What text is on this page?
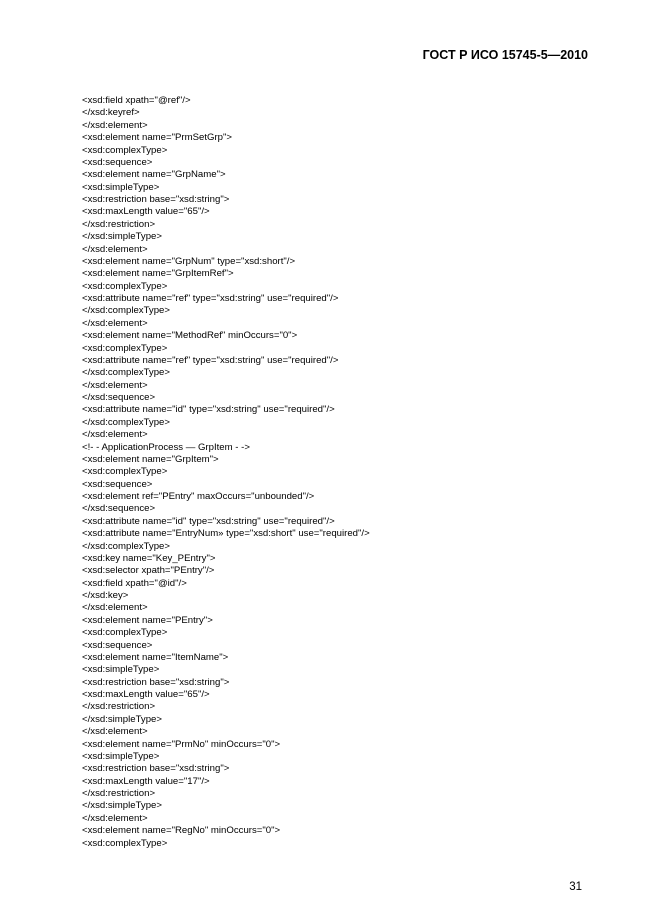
ГОСТ Р ИСО 15745-5—2010
<xsd:field xpath="@ref"/>
</xsd:keyref>
</xsd:element>
<xsd:element name="PrmSetGrp">
<xsd:complexType>
<xsd:sequence>
<xsd:element name="GrpName">
<xsd:simpleType>
<xsd:restriction base="xsd:string">
<xsd:maxLength value="65"/>
</xsd:restriction>
</xsd:simpleType>
</xsd:element>
<xsd:element name="GrpNum" type="xsd:short"/>
<xsd:element name="GrpItemRef">
<xsd:complexType>
<xsd:attribute name="ref" type="xsd:string" use="required"/>
</xsd:complexType>
</xsd:element>
<xsd:element name="MethodRef" minOccurs="0">
<xsd:complexType>
<xsd:attribute name="ref" type="xsd:string" use="required"/>
</xsd:complexType>
</xsd:element>
</xsd:sequence>
<xsd:attribute name="id" type="xsd:string" use="required"/>
</xsd:complexType>
</xsd:element>
<!- - ApplicationProcess — GrpItem - ->
<xsd:element name="GrpItem">
<xsd:complexType>
<xsd:sequence>
<xsd:element ref="PEntry" maxOccurs="unbounded"/>
</xsd:sequence>
<xsd:attribute name="id" type="xsd:string" use="required"/>
<xsd:attribute name="EntryNum» type="xsd:short" use="required"/>
</xsd:complexType>
<xsd:key name="Key_PEntry">
<xsd:selector xpath="PEntry"/>
<xsd:field xpath="@id"/>
</xsd:key>
</xsd:element>
<xsd:element name="PEntry">
<xsd:complexType>
<xsd:sequence>
<xsd:element name="ItemName">
<xsd:simpleType>
<xsd:restriction base="xsd:string">
<xsd:maxLength value="65"/>
</xsd:restriction>
</xsd:simpleType>
</xsd:element>
<xsd:element name="PrmNo" minOccurs="0">
<xsd:simpleType>
<xsd:restriction base="xsd:string">
<xsd:maxLength value="17"/>
</xsd:restriction>
</xsd:simpleType>
</xsd:element>
<xsd:element name="RegNo" minOccurs="0">
<xsd:complexType>
31
